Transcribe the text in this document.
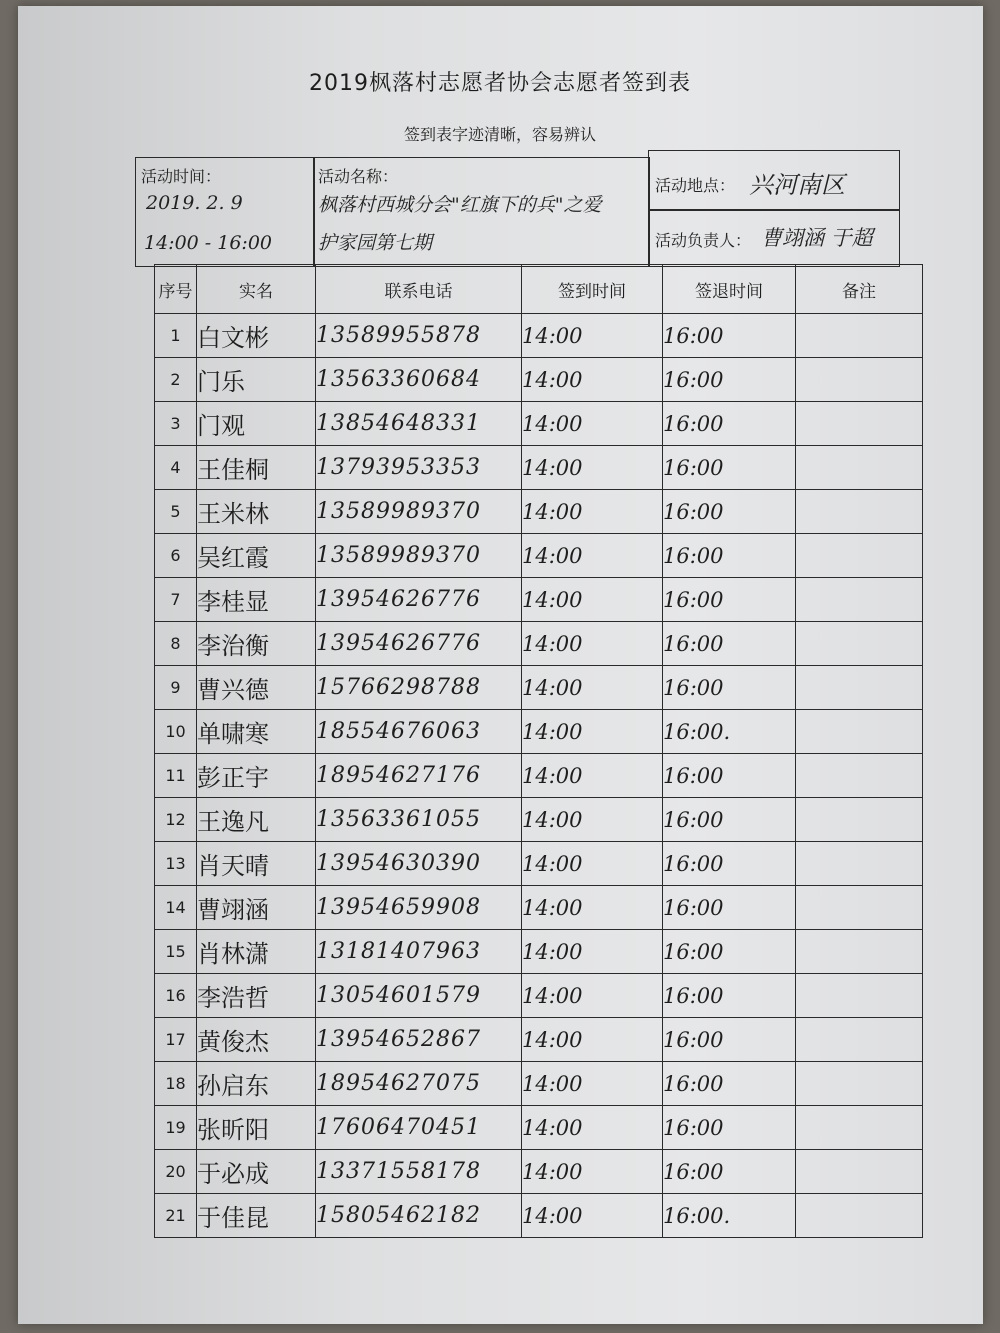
2019枫落村志愿者协会志愿者签到表
签到表字迹清晰，容易辨认
活动时间：
2019. 2. 9
14:00 - 16:00
活动名称：
枫落村西城分会"红旗下的兵"之爱
护家园第七期
活动地点： 兴河南区
活动负责人： 曹翊涵 于超
序号	实名	联系电话	签到时间	签退时间	备注
1	白文彬	13589955878	14:00	16:00	
2	门乐	13563360684	14:00	16:00	
3	门观	13854648331	14:00	16:00	
4	王佳桐	13793953353	14:00	16:00	
5	王米林	13589989370	14:00	16:00	
6	吴红霞	13589989370	14:00	16:00	
7	李桂显	13954626776	14:00	16:00	
8	李治衡	13954626776	14:00	16:00	
9	曹兴德	15766298788	14:00	16:00	
10	单啸寒	18554676063	14:00	16:00.	
11	彭正宇	18954627176	14:00	16:00	
12	王逸凡	13563361055	14:00	16:00	
13	肖天晴	13954630390	14:00	16:00	
14	曹翊涵	13954659908	14:00	16:00	
15	肖林潇	13181407963	14:00	16:00	
16	李浩哲	13054601579	14:00	16:00	
17	黄俊杰	13954652867	14:00	16:00	
18	孙启东	18954627075	14:00	16:00	
19	张昕阳	17606470451	14:00	16:00	
20	于必成	13371558178	14:00	16:00	
21	于佳昆	15805462182	14:00	16:00.	
